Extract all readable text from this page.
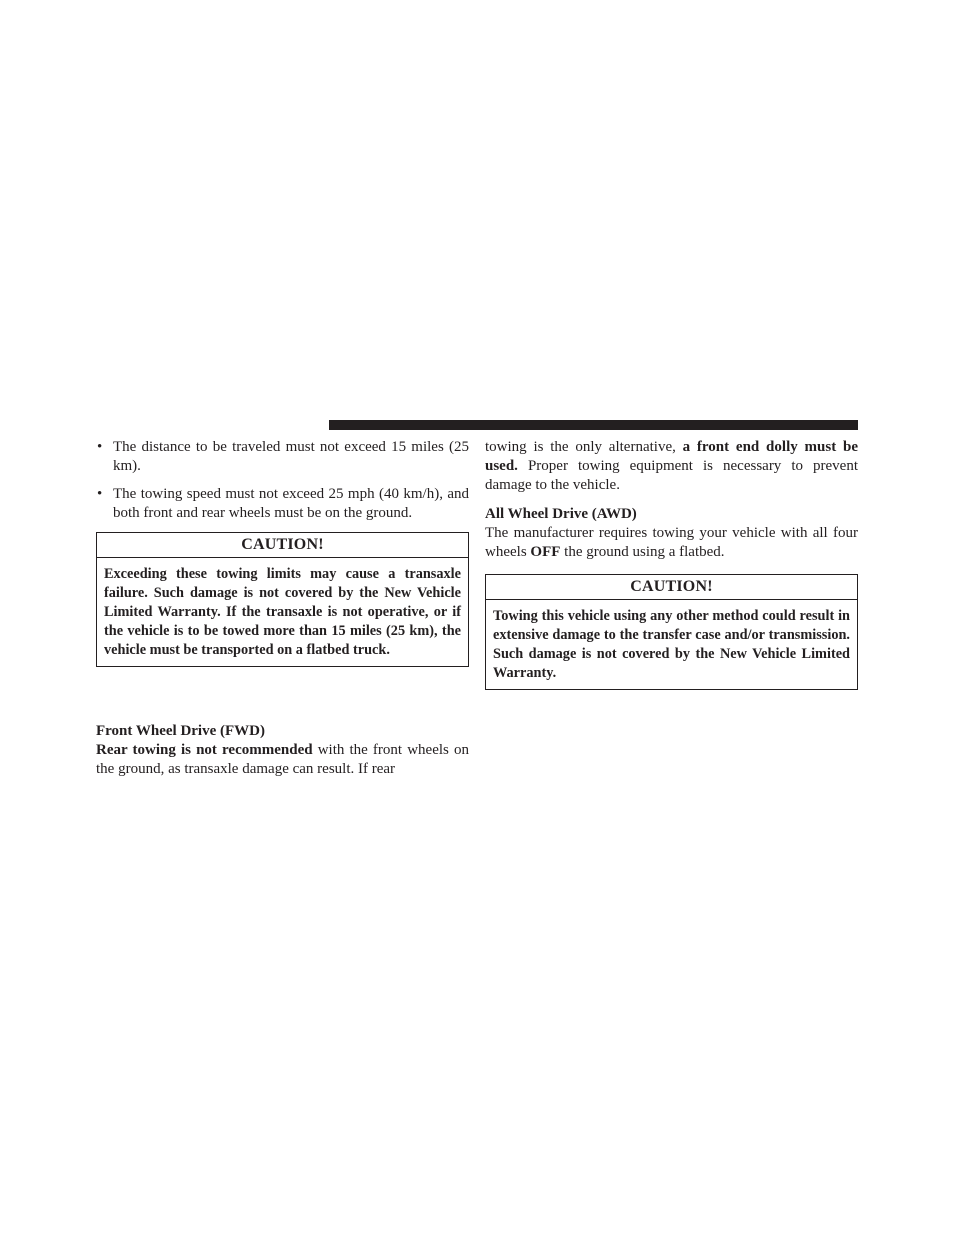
• The distance to be traveled must not exceed 15 miles (25 km).
• The towing speed must not exceed 25 mph (40 km/h), and both front and rear wheels must be on the ground.
CAUTION!
Exceeding these towing limits may cause a transaxle failure. Such damage is not covered by the New Vehicle Limited Warranty. If the transaxle is not operative, or if the vehicle is to be towed more than 15 miles (25 km), the vehicle must be transported on a flatbed truck.

Front Wheel Drive (FWD)

Rear towing is not recommended with the front wheels on the ground, as transaxle damage can result. If rear

towing is the only alternative, a front end dolly must be used. Proper towing equipment is necessary to prevent damage to the vehicle.

All Wheel Drive (AWD)

The manufacturer requires towing your vehicle with all four wheels OFF the ground using a flatbed.

CAUTION!
Towing this vehicle using any other method could result in extensive damage to the transfer case and/or transmission. Such damage is not covered by the New Vehicle Limited Warranty.
